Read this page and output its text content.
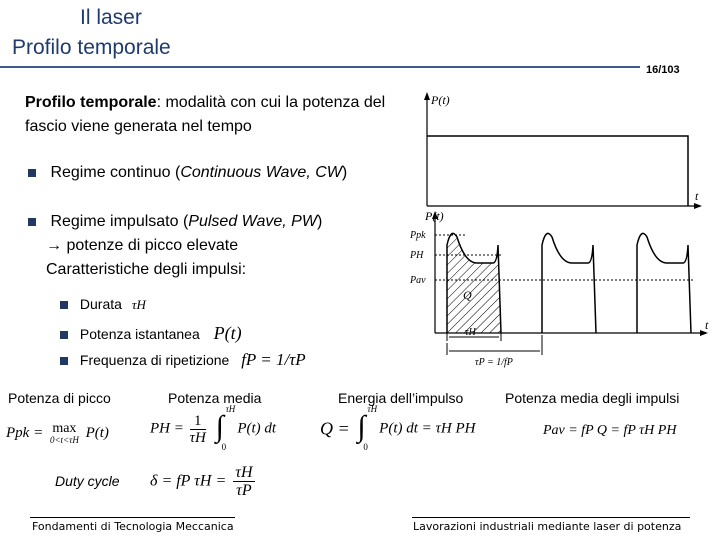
Il laser
Profilo temporale
16/103
Profilo temporale: modalità con cui la potenza del fascio viene generata nel tempo
Regime continuo (Continuous Wave, CW)
Regime impulsato (Pulsed Wave, PW)
→ potenze di picco elevate
Caratteristiche degli impulsi:
Durata τH
Potenza istantanea P(t)
Frequenza di ripetizione fP = 1/τP
P(t)
t
P(t)
t
Ppk
PH
Pav
Q
τH
τP = 1/fP
Potenza di picco	Potenza media	Energia dell’impulso	Potenza media degli impulsi
Duty cycle
Ppk = max
0<t<τH P(t)	PH = $\frac{1}{\tau H}$
∫
τH
0
P(t) dt Q = ∫
τH
0
P(t) dt = τH PH	Pav = fP Q = fP τH PH
δ = fP $\tau H = \frac{\tau H}{\tau P}$
Fondamenti di Tecnologia Meccanica	Lavorazioni industriali mediante laser di potenza
